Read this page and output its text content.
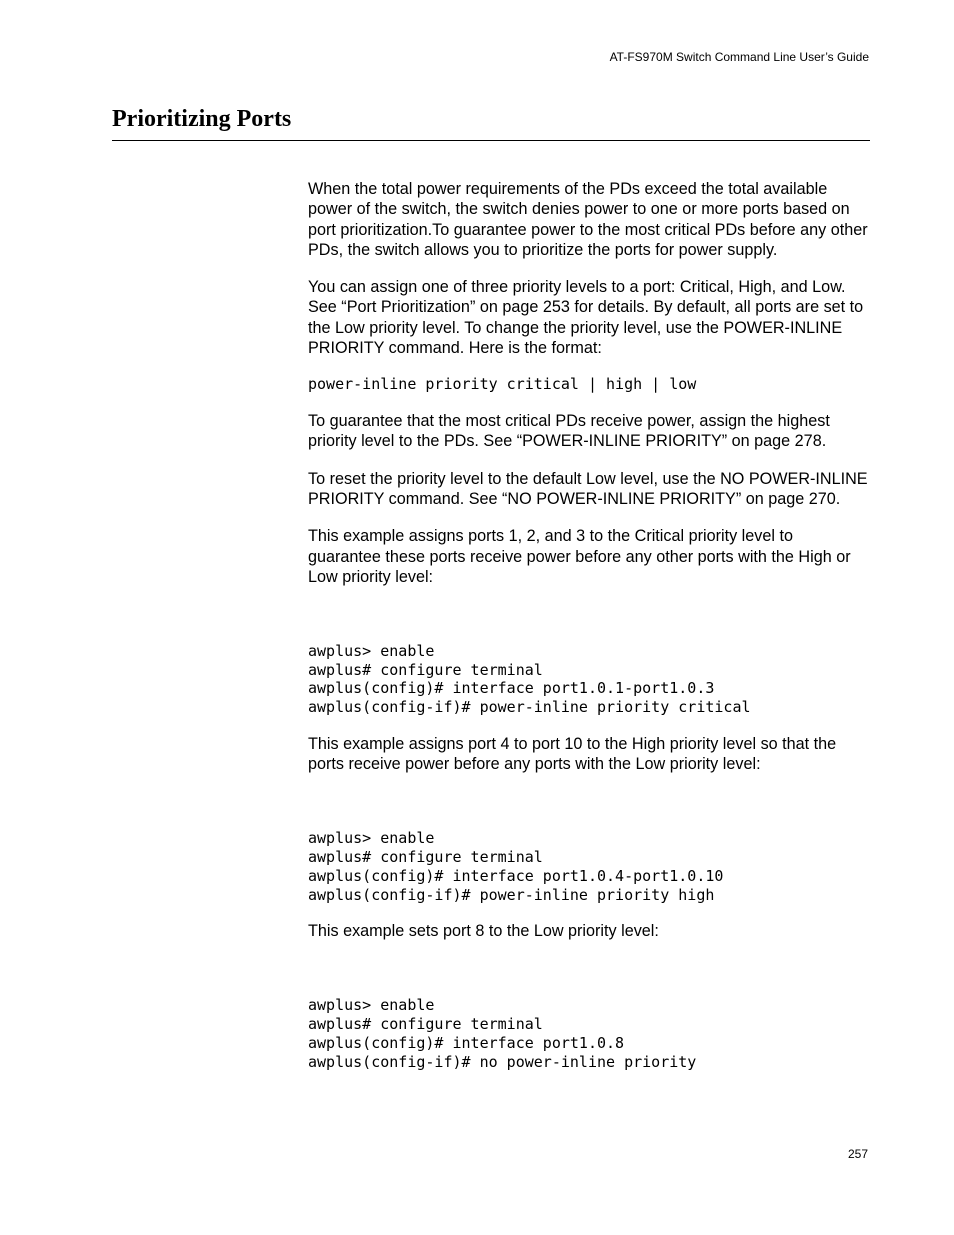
AT-FS970M Switch Command Line User’s Guide
Prioritizing Ports

When the total power requirements of the PDs exceed the total available power of the switch, the switch denies power to one or more ports based on port prioritization.To guarantee power to the most critical PDs before any other PDs, the switch allows you to prioritize the ports for power supply.

You can assign one of three priority levels to a port: Critical, High, and Low. See “Port Prioritization” on page 253 for details. By default, all ports are set to the Low priority level. To change the priority level, use the POWER-INLINE PRIORITY command. Here is the format:

power-inline priority critical | high | low

To guarantee that the most critical PDs receive power, assign the highest priority level to the PDs. See “POWER-INLINE PRIORITY” on page 278.

To reset the priority level to the default Low level, use the NO POWER-INLINE PRIORITY command. See “NO POWER-INLINE PRIORITY” on page 270.

This example assigns ports 1, 2, and 3 to the Critical priority level to guarantee these ports receive power before any other ports with the High or Low priority level:

awplus> enable
awplus# configure terminal
awplus(config)# interface port1.0.1-port1.0.3
awplus(config-if)# power-inline priority critical

This example assigns port 4 to port 10 to the High priority level so that the ports receive power before any ports with the Low priority level:

awplus> enable
awplus# configure terminal
awplus(config)# interface port1.0.4-port1.0.10
awplus(config-if)# power-inline priority high

This example sets port 8 to the Low priority level:

awplus> enable
awplus# configure terminal
awplus(config)# interface port1.0.8
awplus(config-if)# no power-inline priority
257
